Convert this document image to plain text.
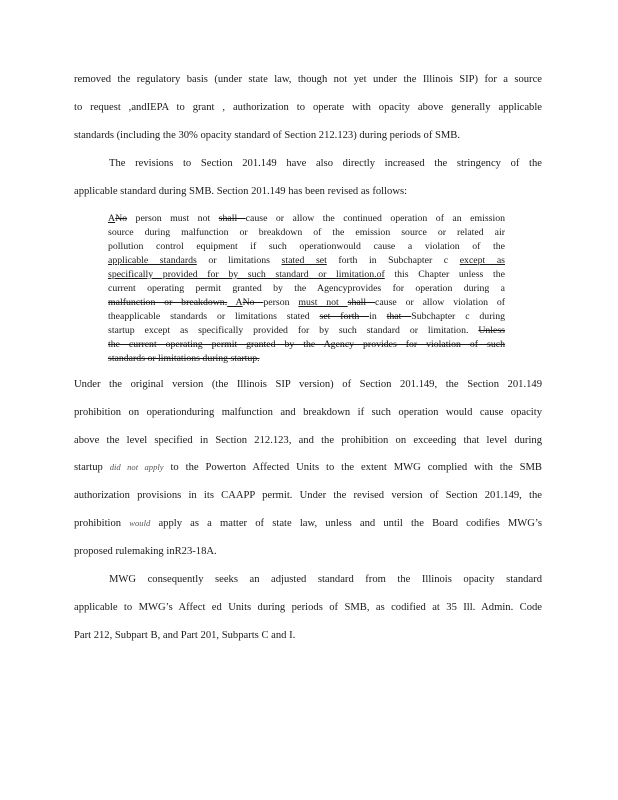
removed the regulatory basis (under state law, though not yet under the Illinois SIP) for a source
to request ,andIEPA to grant , authorization to operate with opacity above generally applicable
standards (including the 30% opacity standard of Section 212.123) during periods of SMB.
The revisions to Section 201.149 have also directly increased the stringency of the
applicable standard during SMB. Section 201.149 has been revised as follows:
ANo person must not shall cause or allow the continued operation of an emission
source during malfunction or breakdown of the emission source or related air
pollution control equipment if such operationwould cause a violation of the
applicable standards or limitations stated set forth in Subchapter c except as
specifically provided for by such standard or limitation.of this Chapter unless the
current operating permit granted by the Agencyprovides for operation during a
malfunction or breakdown. ANo person must not shall cause or allow violation of
theapplicable standards or limitations stated set forth in that Subchapter c during
startup except as specifically provided for by such standard or limitation. Unless
the current operating permit granted by the Agency provides for violation of such
standards or limitations during startup.
Under the original version (the Illinois SIP version) of Section 201.149, the Section 201.149
prohibition on operationduring malfunction and breakdown if such operation would cause opacity
above the level specified in Section 212.123, and the prohibition on exceeding that level during
startup did not apply to the Powerton Affected Units to the extent MWG complied with the SMB
authorization provisions in its CAAPP permit. Under the revised version of Section 201.149, the
prohibition would apply as a matter of state law, unless and until the Board codifies MWG’s
proposed rulemaking inR23-18A.
MWG consequently seeks an adjusted standard from the Illinois opacity standard
applicable to MWG’s Affect ed Units during periods of SMB, as codified at 35 Ill. Admin. Code
Part 212, Subpart B, and Part 201, Subparts C and I.
